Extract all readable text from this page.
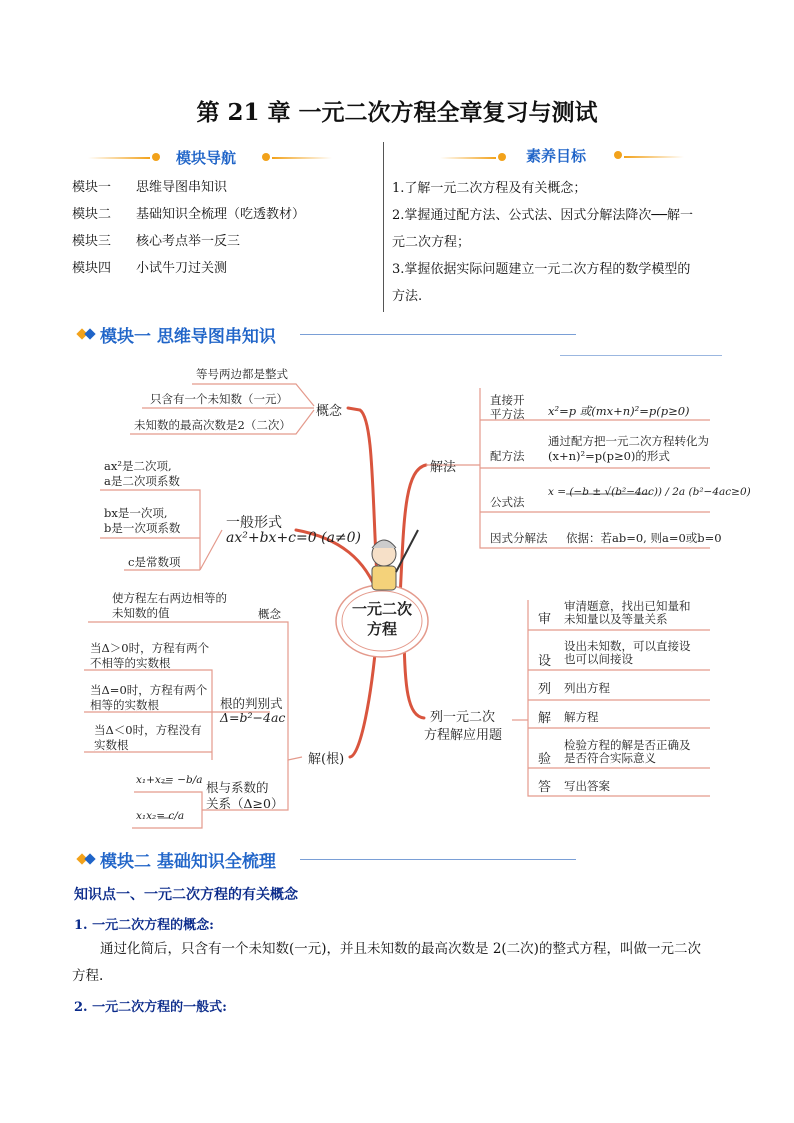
第 21 章 一元二次方程全章复习与测试
模块导航
模块一 思维导图串知识
模块二 基础知识全梳理（吃透教材）
模块三 核心考点举一反三
模块四 小试牛刀过关测
素养目标
1.了解一元二次方程及有关概念；
2.掌握通过配方法、公式法、因式分解法降次──解一
元二次方程；
3.掌握依据实际问题建立一元二次方程的数学模型的
方法.
模块一 思维导图串知识
概念
等号两边都是整式
只含有一个未知数（一元）
未知数的最高次数是2（二次）
ax²是二次项,
a是二次项系数
bx是一次项,
b是一次项系数
c是常数项
一般形式
ax²+bx+c=0 (a≠0)
一元二次
方程
解法
直接开
平方法 x²=p 或(mx+n)²=p(p≥0)
配方法
通过配方把一元二次方程转化为
(x+n)²=p(p≥0)的形式
公式法
x = (−b ± √(b²−4ac)) / 2a (b²−4ac≥0)
因式分解法 依据：若ab=0, 则a=0或b=0
解(根)
使方程左右两边相等的
未知数的值	概念
当Δ＞0时，方程有两个
不相等的实数根
当Δ=0时，方程有两个
相等的实数根
当Δ＜0时，方程没有
实数根
根的判别式
Δ=b²−4ac
根与系数的
关系（Δ≥0）
x₁+x₂= −b/a
x₁x₂= c/a
列一元二次
方程解应用题
审
审清题意，找出已知量和
未知量以及等量关系
设
设出未知数，可以直接设
也可以间接设
列 列出方程
解 解方程
验
检验方程的解是否正确及
是否符合实际意义
答 写出答案
模块二 基础知识全梳理
知识点一、一元二次方程的有关概念
1. 一元二次方程的概念:
通过化简后，只含有一个未知数(一元)，并且未知数的最高次数是 2(二次)的整式方程，叫做一元二次
方程.
2. 一元二次方程的一般式:
